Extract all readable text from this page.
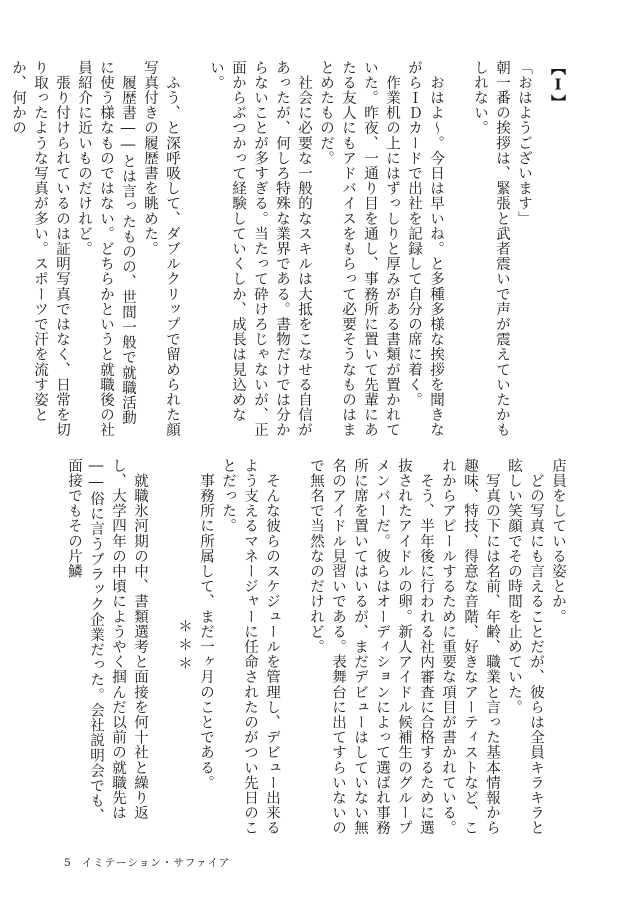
【Ⅰ】

「おはようございます」

朝一番の挨拶は、緊張と武者震いで声が震えていたかもしれない。

　おはよ〜。今日は早いね。と多種多様な挨拶を聞きながらＩＤカードで出社を記録して自分の席に着く。

　作業机の上にはずっしりと厚みがある書類が置かれていた。昨夜、一通り目を通し、事務所に置いて先輩にあたる友人にもアドバイスをもらって必要そうなものはまとめたものだ。

　社会に必要な一般的なスキルは大抵をこなせる自信があったが、何しろ特殊な業界である。書物だけでは分からないことが多すぎる。当たって砕けろじゃないが、正面からぶつかって経験していくしか、成長は見込めない。

　ふう、と深呼吸して、ダブルクリップで留められた顔写真付きの履歴書を眺めた。

　履歴書――とは言ったものの、世間一般で就職活動に使う様なものではない。どちらかというと就職後の社員紹介に近いものだけれど。

　張り付けられているのは証明写真ではなく、日常を切り取ったような写真が多い。スポーツで汗を流す姿とか、何かの

店員をしている姿とか。

　どの写真にも言えることだが、彼らは全員キラキラと眩しい笑顔でその時間を止めていた。

　写真の下には名前、年齢、職業と言った基本情報から趣味、特技、得意な音階、好きなアーティストなど、これからアピールするために重要な項目が書かれている。

　そう、半年後に行われる社内審査に合格するために選抜されたアイドルの卵。新人アイドル候補生のグループメンバーだ。彼らはオーディションによって選ばれ事務所に席を置いてはいるが、まだデビューはしていない無名のアイドル見習いである。表舞台に出てすらいないので無名で当然なのだけれど。

　そんな彼らのスケジュールを管理し、デビュー出来るよう支えるマネージャーに任命されたのがつい先日のことだった。

　事務所に所属して、まだ一ヶ月のことである。

＊＊＊

　就職氷河期の中、書類選考と面接を何十社と繰り返し、大学四年の中頃にようやく掴んだ以前の就職先は――俗に言うブラック企業だった。会社説明会でも、面接でもその片鱗

5 イミテーション・サファイア
